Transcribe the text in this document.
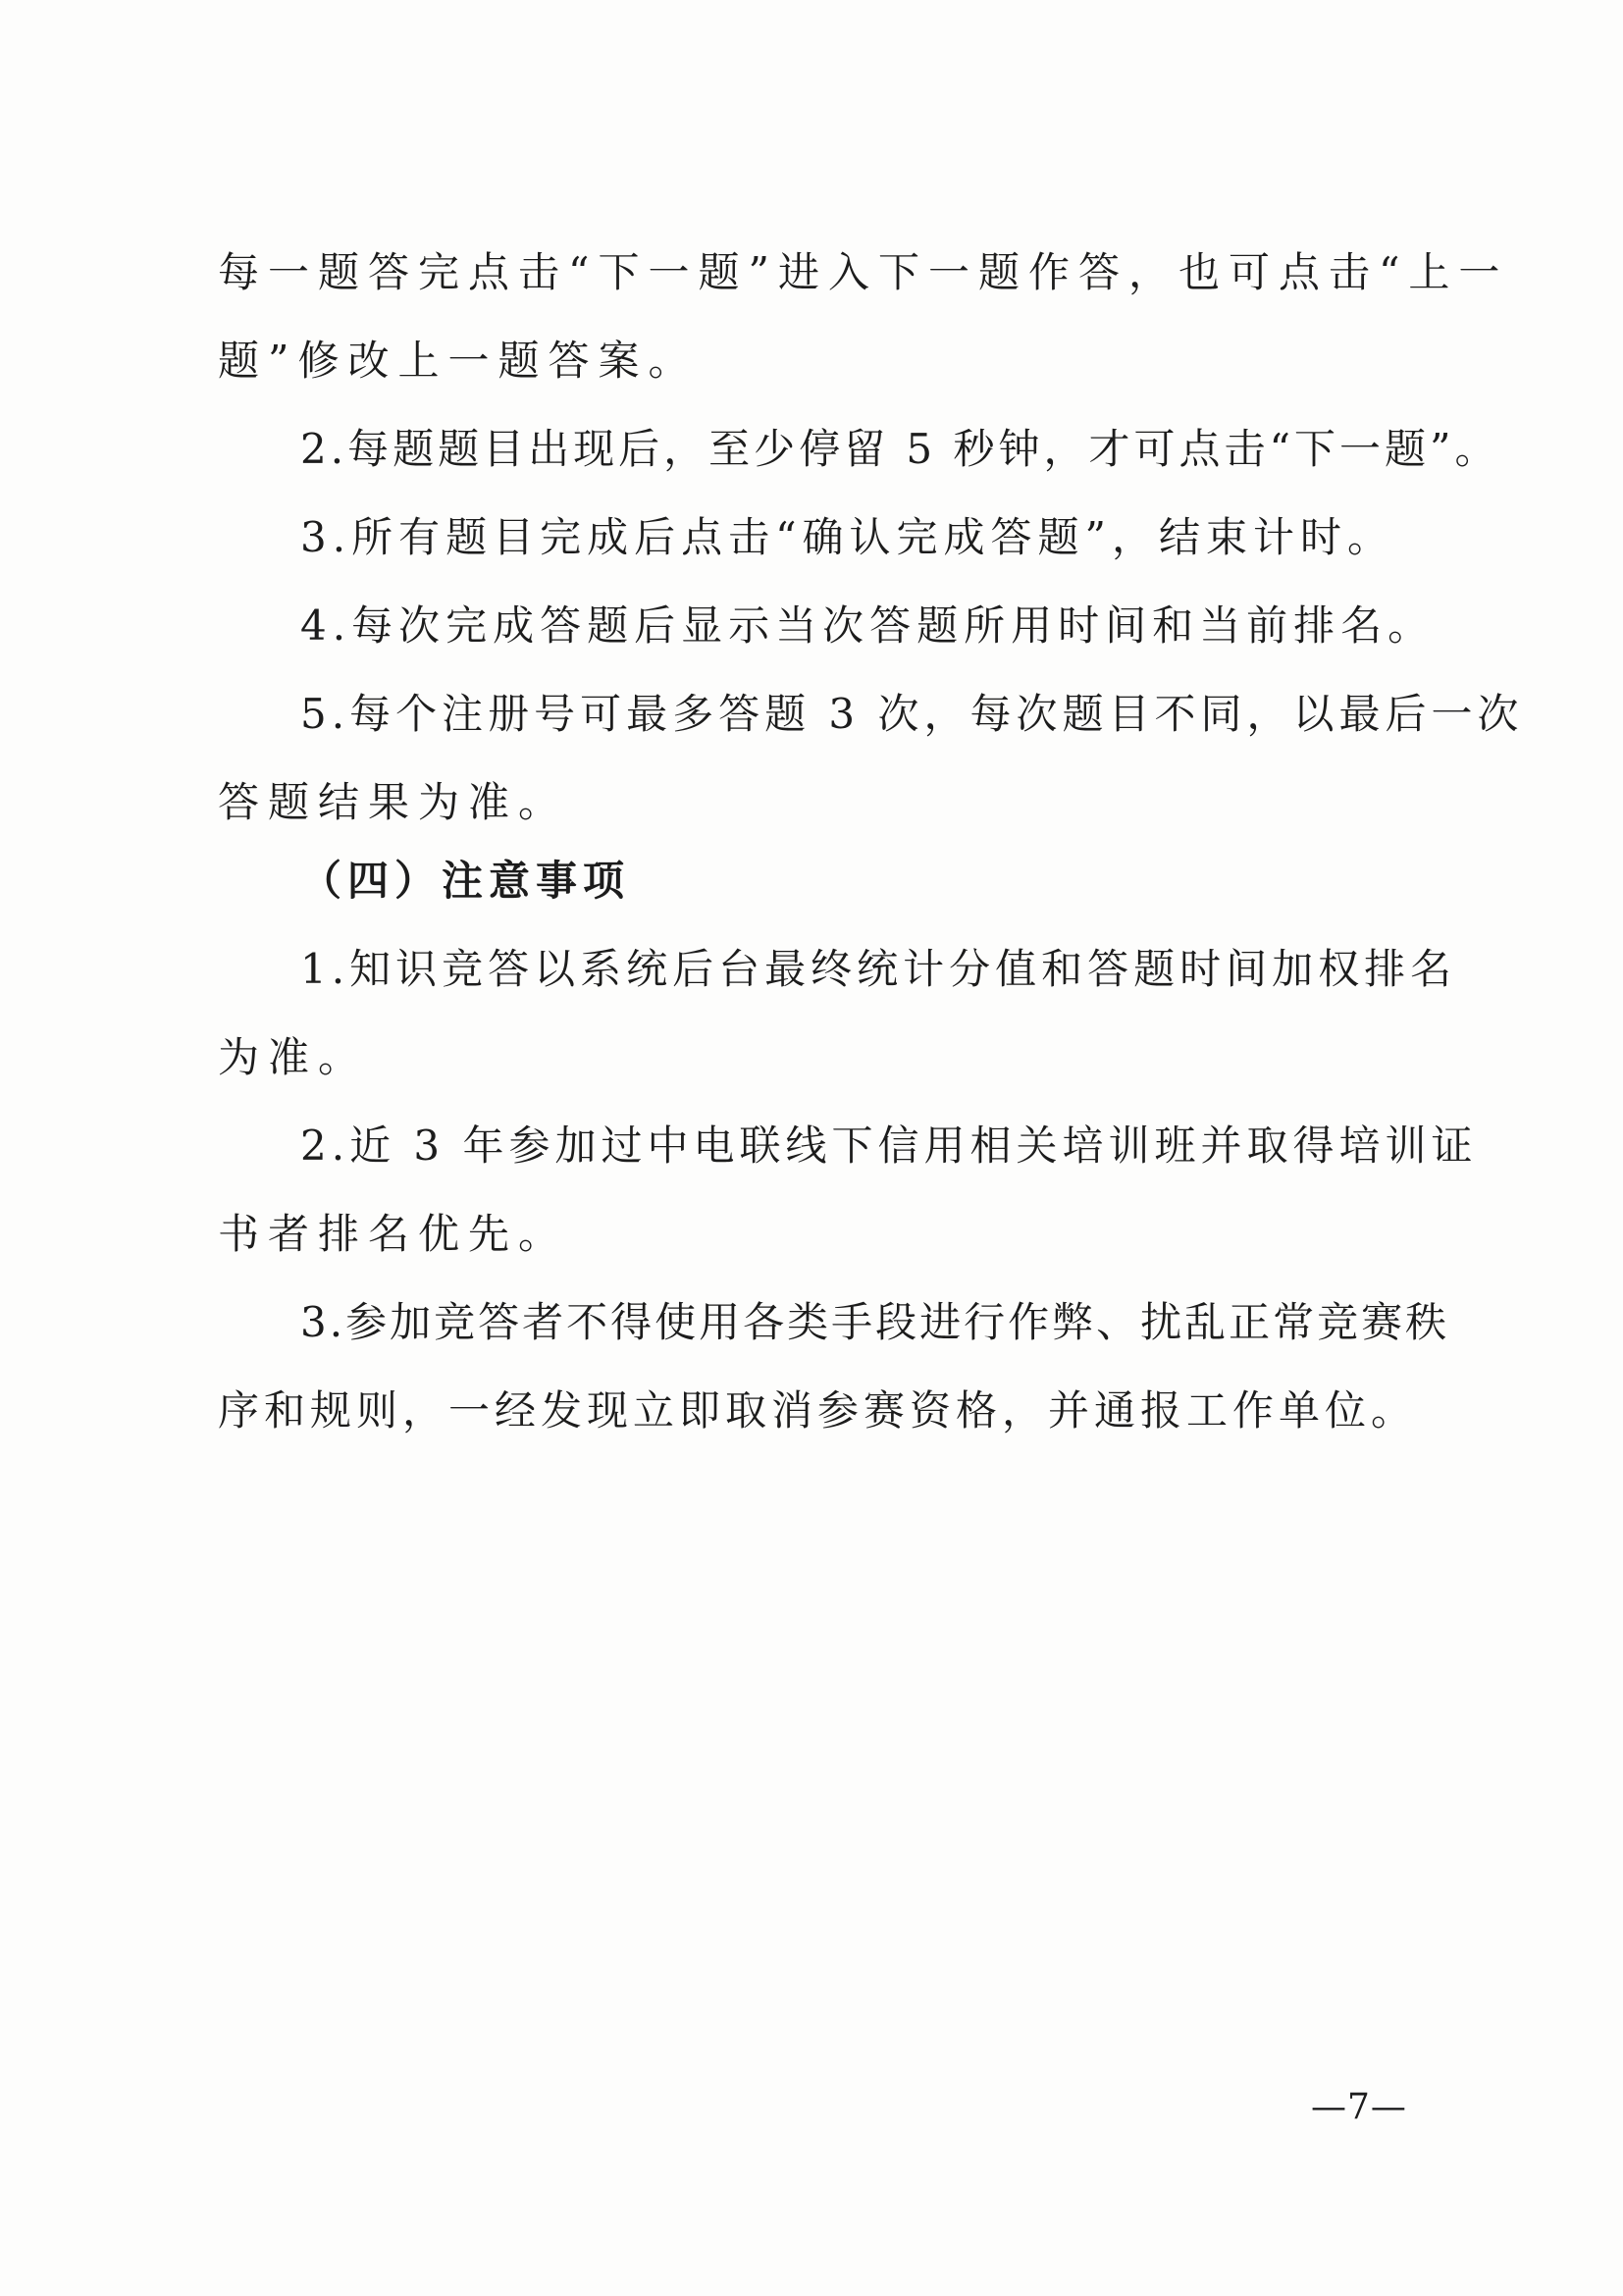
每一题答完点击“下一题”进入下一题作答，也可点击“上一
题”修改上一题答案。
2.每题题目出现后，至少停留 5 秒钟，才可点击“下一题”。
3.所有题目完成后点击“确认完成答题”，结束计时。
4.每次完成答题后显示当次答题所用时间和当前排名。
5.每个注册号可最多答题 3 次，每次题目不同，以最后一次
答题结果为准。
（四）注意事项
1.知识竞答以系统后台最终统计分值和答题时间加权排名
为准。
2.近 3 年参加过中电联线下信用相关培训班并取得培训证
书者排名优先。
3.参加竞答者不得使用各类手段进行作弊、扰乱正常竞赛秩
序和规则，一经发现立即取消参赛资格，并通报工作单位。
—7—
